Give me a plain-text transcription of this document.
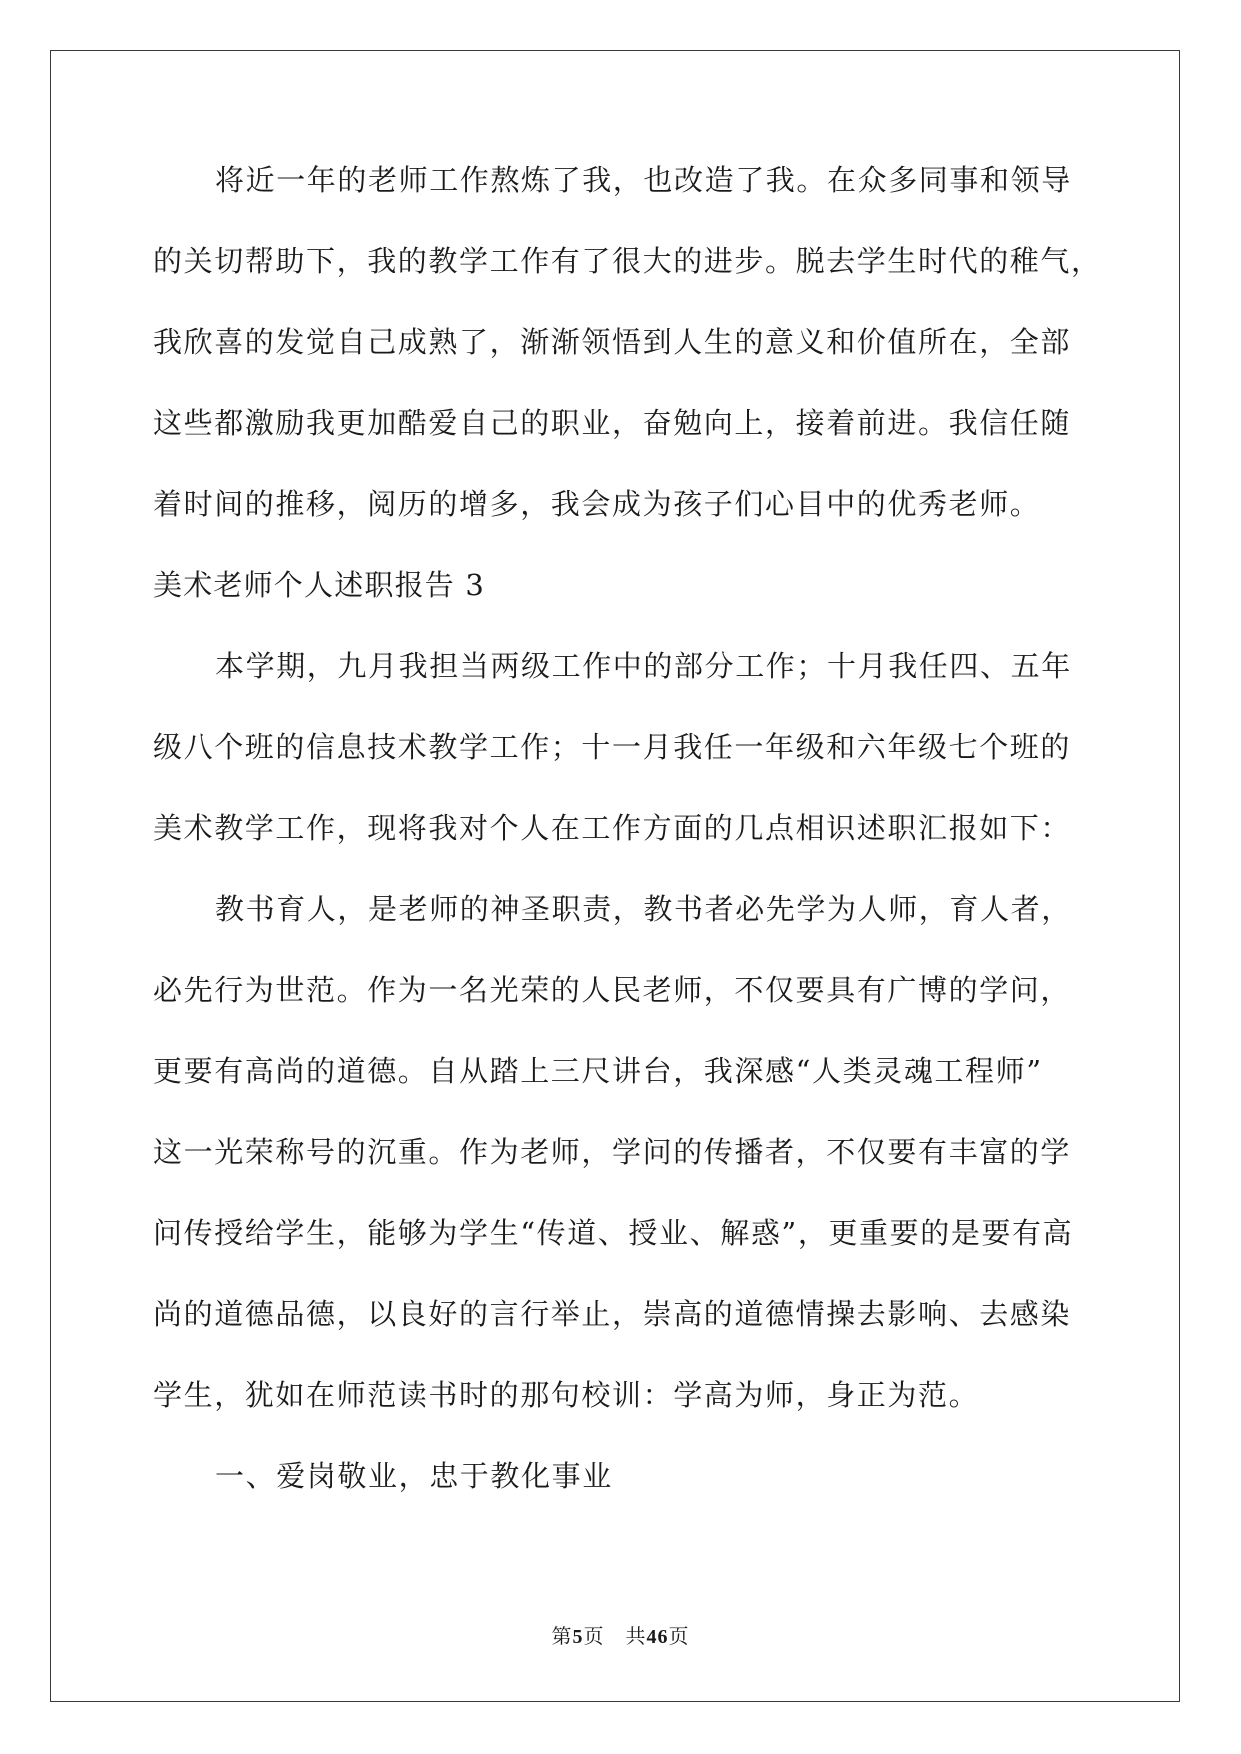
将近一年的老师工作熬炼了我，也改造了我。在众多同事和领导
的关切帮助下，我的教学工作有了很大的进步。脱去学生时代的稚气，
我欣喜的发觉自己成熟了，渐渐领悟到人生的意义和价值所在，全部
这些都激励我更加酷爱自己的职业，奋勉向上，接着前进。我信任随
着时间的推移，阅历的增多，我会成为孩子们心目中的优秀老师。
美术老师个人述职报告 3
本学期，九月我担当两级工作中的部分工作；十月我任四、五年
级八个班的信息技术教学工作；十一月我任一年级和六年级七个班的
美术教学工作，现将我对个人在工作方面的几点相识述职汇报如下：
教书育人，是老师的神圣职责，教书者必先学为人师，育人者，
必先行为世范。作为一名光荣的人民老师，不仅要具有广博的学问，
更要有高尚的道德。自从踏上三尺讲台，我深感“人类灵魂工程师”
这一光荣称号的沉重。作为老师，学问的传播者，不仅要有丰富的学
问传授给学生，能够为学生“传道、授业、解惑”，更重要的是要有高
尚的道德品德，以良好的言行举止，崇高的道德情操去影响、去感染
学生，犹如在师范读书时的那句校训：学高为师，身正为范。
一、爱岗敬业，忠于教化事业
第5页　共46页
